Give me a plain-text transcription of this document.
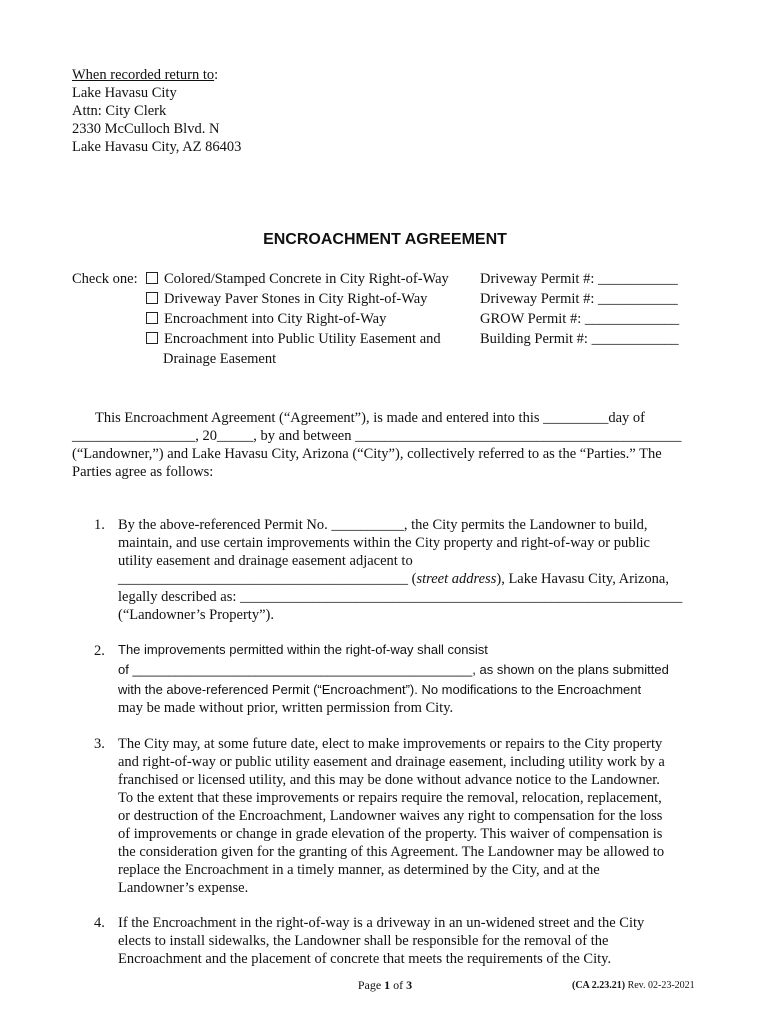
When recorded return to:
Lake Havasu City
Attn: City Clerk
2330 McCulloch Blvd. N
Lake Havasu City, AZ 86403
ENCROACHMENT AGREEMENT
Check one:	Colored/Stamped Concrete in City Right-of-Way
Driveway Paver Stones in City Right-of-Way
Encroachment into City Right-of-Way
Encroachment into Public Utility Easement and
Drainage Easement
Driveway Permit #: ___________
Driveway Permit #: ___________
GROW Permit #: _____________
Building Permit #: ____________
This Encroachment Agreement (“Agreement”), is made and entered into this _________day of
_________________, 20_____, by and between _____________________________________________
(“Landowner,”) and Lake Havasu City, Arizona (“City”), collectively referred to as the “Parties.” The
Parties agree as follows:
1. By the above-referenced Permit No. __________, the City permits the Landowner to build,
maintain, and use certain improvements within the City property and right-of-way or public
utility easement and drainage easement adjacent to
________________________________________ (street address), Lake Havasu City, Arizona,
legally described as: _____________________________________________________________
(“Landowner’s Property”).
2. The improvements permitted within the right-of-way shall consist
of _______________________________________________, as shown on the plans submitted
with the above-referenced Permit (“Encroachment”). No modifications to the Encroachment
may be made without prior, written permission from City.
3. The City may, at some future date, elect to make improvements or repairs to the City property
and right-of-way or public utility easement and drainage easement, including utility work by a
franchised or licensed utility, and this may be done without advance notice to the Landowner.
To the extent that these improvements or repairs require the removal, relocation, replacement,
or destruction of the Encroachment, Landowner waives any right to compensation for the loss
of improvements or change in grade elevation of the property. This waiver of compensation is
the consideration given for the granting of this Agreement. The Landowner may be allowed to
replace the Encroachment in a timely manner, as determined by the City, and at the
Landowner’s expense.
4. If the Encroachment in the right-of-way is a driveway in an un-widened street and the City
elects to install sidewalks, the Landowner shall be responsible for the removal of the
Encroachment and the placement of concrete that meets the requirements of the City.
Page 1 of 3	(CA 2.23.21) Rev. 02-23-2021
